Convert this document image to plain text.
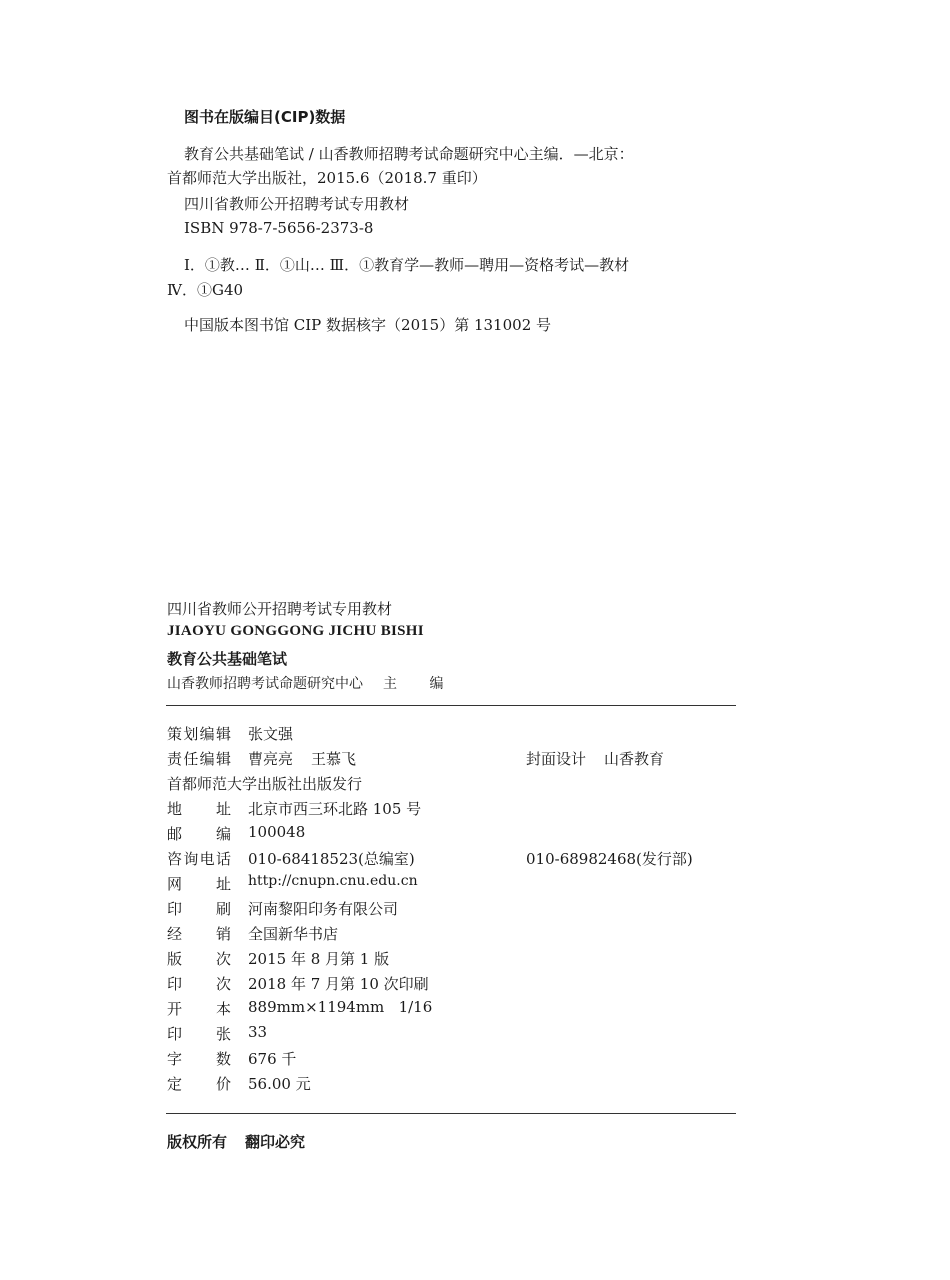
图书在版编目(CIP)数据
教育公共基础笔试 / 山香教师招聘考试命题研究中心主编．—北京：
首都师范大学出版社，2015.6（2018.7 重印）
四川省教师公开招聘考试专用教材
ISBN 978-7-5656-2373-8
Ⅰ．①教… Ⅱ．①山… Ⅲ．①教育学—教师—聘用—资格考试—教材
Ⅳ．①G40
中国版本图书馆 CIP 数据核字（2015）第 131002 号
四川省教师公开招聘考试专用教材
JIAOYU GONGGONG JICHU BISHI
教育公共基础笔试
山香教师招聘考试命题研究中心 主 编
策划编辑 张文强
责任编辑 曹亮亮 王慕飞	封面设计 山香教育
首都师范大学出版社出版发行
地址 北京市西三环北路 105 号
邮编 100048
咨询电话 010-68418523(总编室)	010-68982468(发行部)
网址 http://cnupn.cnu.edu.cn
印刷 河南黎阳印务有限公司
经销 全国新华书店
版次 2015 年 8 月第 1 版
印次 2018 年 7 月第 10 次印刷
开本 889mm×1194mm   1/16
印张 33
字数 676 千
定价 56.00 元
版权所有 翻印必究
